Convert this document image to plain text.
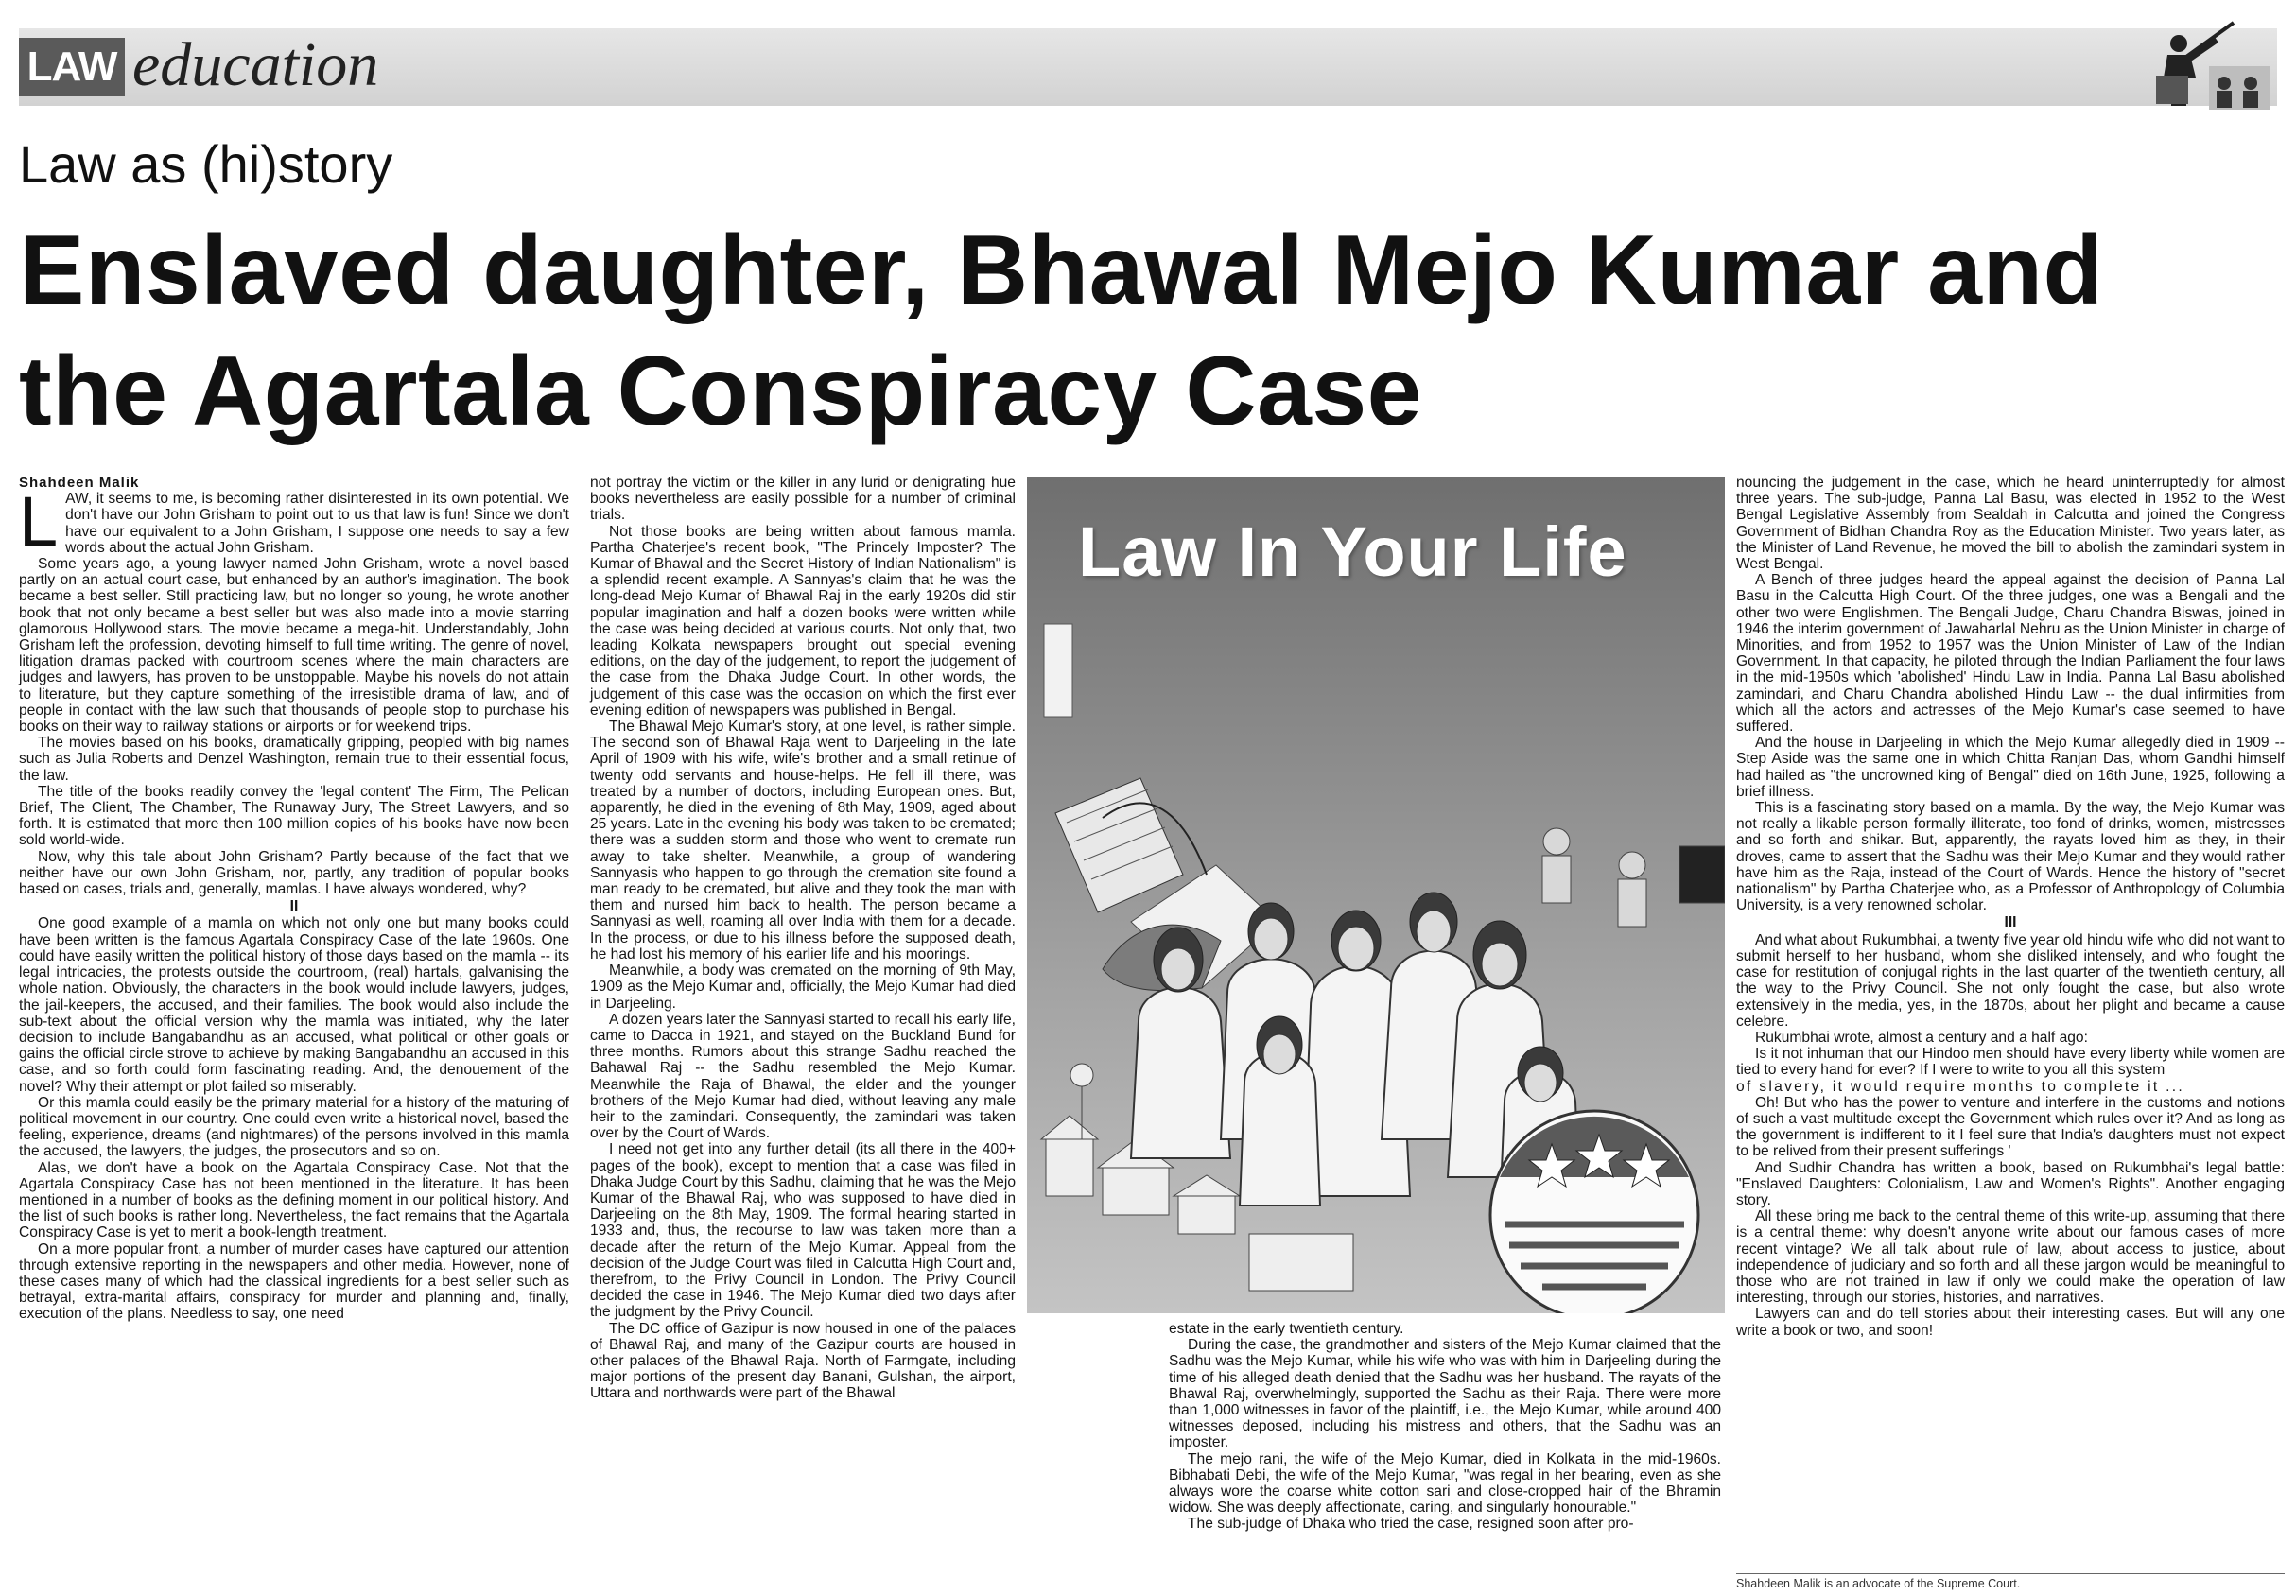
LAW education
Law as (hi)story
Enslaved daughter, Bhawal Mejo Kumar and the Agartala Conspiracy Case

Shahdeen Malik

LAW, it seems to me, is becoming rather disinterested in its own potential. We don't have our John Grisham to point out to us that law is fun! Since we don't have our equivalent to a John Grisham, I suppose one needs to say a few words about the actual John Grisham.

Some years ago, a young lawyer named John Grisham, wrote a novel based partly on an actual court case, but enhanced by an author's imagination. The book became a best seller. Still practicing law, but no longer so young, he wrote another book that not only became a best seller but was also made into a movie starring glamorous Hollywood stars. The movie became a mega-hit. Understandably, John Grisham left the profession, devoting himself to full time writing. The genre of novel, litigation dramas packed with courtroom scenes where the main characters are judges and lawyers, has proven to be unstoppable. Maybe his novels do not attain to literature, but they capture something of the irresistible drama of law, and of people in contact with the law such that thousands of people stop to purchase his books on their way to railway stations or airports or for weekend trips.

The movies based on his books, dramatically gripping, peopled with big names such as Julia Roberts and Denzel Washington, remain true to their essential focus, the law.

The title of the books readily convey the 'legal content' The Firm, The Pelican Brief, The Client, The Chamber, The Runaway Jury, The Street Lawyers, and so forth. It is estimated that more then 100 million copies of his books have now been sold world-wide.

Now, why this tale about John Grisham? Partly because of the fact that we neither have our own John Grisham, nor, partly, any tradition of popular books based on cases, trials and, generally, mamlas. I have always wondered, why?

II

One good example of a mamla on which not only one but many books could have been written is the famous Agartala Conspiracy Case of the late 1960s. One could have easily written the political history of those days based on the mamla -- its legal intricacies, the protests outside the courtroom, (real) hartals, galvanising the whole nation. Obviously, the characters in the book would include lawyers, judges, the jail-keepers, the accused, and their families. The book would also include the sub-text about the official version why the mamla was initiated, why the later decision to include Bangabandhu as an accused, what political or other goals or gains the official circle strove to achieve by making Bangabandhu an accused in this case, and so forth could form fascinating reading. And, the denouement of the novel? Why their attempt or plot failed so miserably.

Or this mamla could easily be the primary material for a history of the maturing of political movement in our country. One could even write a historical novel, based the feeling, experience, dreams (and nightmares) of the persons involved in this mamla the accused, the lawyers, the judges, the prosecutors and so on.

Alas, we don't have a book on the Agartala Conspiracy Case. Not that the Agartala Conspiracy Case has not been mentioned in the literature. It has been mentioned in a number of books as the defining moment in our political history. And the list of such books is rather long. Nevertheless, the fact remains that the Agartala Conspiracy Case is yet to merit a book-length treatment.

On a more popular front, a number of murder cases have captured our attention through extensive reporting in the newspapers and other media. However, none of these cases many of which had the classical ingredients for a best seller such as betrayal, extra-marital affairs, conspiracy for murder and planning and, finally, execution of the plans. Needless to say, one need

not portray the victim or the killer in any lurid or denigrating hue books nevertheless are easily possible for a number of criminal trials.

Not those books are being written about famous mamla. Partha Chaterjee's recent book, "The Princely Imposter? The Kumar of Bhawal and the Secret History of Indian Nationalism" is a splendid recent example. A Sannyas's claim that he was the long-dead Mejo Kumar of Bhawal Raj in the early 1920s did stir popular imagination and half a dozen books were written while the case was being decided at various courts. Not only that, two leading Kolkata newspapers brought out special evening editions, on the day of the judgement, to report the judgement of the case from the Dhaka Judge Court. In other words, the judgement of this case was the occasion on which the first ever evening edition of newspapers was published in Bengal.

The Bhawal Mejo Kumar's story, at one level, is rather simple. The second son of Bhawal Raja went to Darjeeling in the late April of 1909 with his wife, wife's brother and a small retinue of twenty odd servants and house-helps. He fell ill there, was treated by a number of doctors, including European ones. But, apparently, he died in the evening of 8th May, 1909, aged about 25 years. Late in the evening his body was taken to be cremated; there was a sudden storm and those who went to cremate run away to take shelter. Meanwhile, a group of wandering Sannyasis who happen to go through the cremation site found a man ready to be cremated, but alive and they took the man with them and nursed him back to health. The person became a Sannyasi as well, roaming all over India with them for a decade. In the process, or due to his illness before the supposed death, he had lost his memory of his earlier life and his moorings.

Meanwhile, a body was cremated on the morning of 9th May, 1909 as the Mejo Kumar and, officially, the Mejo Kumar had died in Darjeeling.

A dozen years later the Sannyasi started to recall his early life, came to Dacca in 1921, and stayed on the Buckland Bund for three months. Rumors about this strange Sadhu reached the Bahawal Raj -- the Sadhu resembled the Mejo Kumar. Meanwhile the Raja of Bhawal, the elder and the younger brothers of the Mejo Kumar had died, without leaving any male heir to the zamindari. Consequently, the zamindari was taken over by the Court of Wards.

I need not get into any further detail (its all there in the 400+ pages of the book), except to mention that a case was filed in Dhaka Judge Court by this Sadhu, claiming that he was the Mejo Kumar of the Bhawal Raj, who was supposed to have died in Darjeeling on the 8th May, 1909. The formal hearing started in 1933 and, thus, the recourse to law was taken more than a decade after the return of the Mejo Kumar. Appeal from the decision of the Judge Court was filed in Calcutta High Court and, therefrom, to the Privy Council in London. The Privy Council decided the case in 1946. The Mejo Kumar died two days after the judgment by the Privy Council.

The DC office of Gazipur is now housed in one of the palaces of Bhawal Raj, and many of the Gazipur courts are housed in other palaces of the Bhawal Raja. North of Farmgate, including major portions of the present day Banani, Gulshan, the airport, Uttara and northwards were part of the Bhawal

Law In Your Life

estate in the early twentieth century.

During the case, the grandmother and sisters of the Mejo Kumar claimed that the Sadhu was the Mejo Kumar, while his wife who was with him in Darjeeling during the time of his alleged death denied that the Sadhu was her husband. The rayats of the Bhawal Raj, overwhelmingly, supported the Sadhu as their Raja. There were more than 1,000 witnesses in favor of the plaintiff, i.e., the Mejo Kumar, while around 400 witnesses deposed, including his mistress and others, that the Sadhu was an imposter.

The mejo rani, the wife of the Mejo Kumar, died in Kolkata in the mid-1960s. Bibhabati Debi, the wife of the Mejo Kumar, "was regal in her bearing, even as she always wore the coarse white cotton sari and close-cropped hair of the Bhramin widow. She was deeply affectionate, caring, and singularly honourable."

The sub-judge of Dhaka who tried the case, resigned soon after pro-

nouncing the judgement in the case, which he heard uninterruptedly for almost three years. The sub-judge, Panna Lal Basu, was elected in 1952 to the West Bengal Legislative Assembly from Sealdah in Calcutta and joined the Congress Government of Bidhan Chandra Roy as the Education Minister. Two years later, as the Minister of Land Revenue, he moved the bill to abolish the zamindari system in West Bengal.

A Bench of three judges heard the appeal against the decision of Panna Lal Basu in the Calcutta High Court. Of the three judges, one was a Bengali and the other two were Englishmen. The Bengali Judge, Charu Chandra Biswas, joined in 1946 the interim government of Jawaharlal Nehru as the Union Minister in charge of Minorities, and from 1952 to 1957 was the Union Minister of Law of the Indian Government. In that capacity, he piloted through the Indian Parliament the four laws in the mid-1950s which 'abolished' Hindu Law in India. Panna Lal Basu abolished zamindari, and Charu Chandra abolished Hindu Law -- the dual infirmities from which all the actors and actresses of the Mejo Kumar's case seemed to have suffered.

And the house in Darjeeling in which the Mejo Kumar allegedly died in 1909 -- Step Aside was the same one in which Chitta Ranjan Das, whom Gandhi himself had hailed as "the uncrowned king of Bengal" died on 16th June, 1925, following a brief illness.

This is a fascinating story based on a mamla. By the way, the Mejo Kumar was not really a likable person formally illiterate, too fond of drinks, women, mistresses and so forth and shikar. But, apparently, the rayats loved him as they, in their droves, came to assert that the Sadhu was their Mejo Kumar and they would rather have him as the Raja, instead of the Court of Wards. Hence the history of "secret nationalism" by Partha Chaterjee who, as a Professor of Anthropology of Columbia University, is a very renowned scholar.

III

And what about Rukumbhai, a twenty five year old hindu wife who did not want to submit herself to her husband, whom she disliked intensely, and who fought the case for restitution of conjugal rights in the last quarter of the twentieth century, all the way to the Privy Council. She not only fought the case, but also wrote extensively in the media, yes, in the 1870s, about her plight and became a cause celebre.

Rukumbhai wrote, almost a century and a half ago:

Is it not inhuman that our Hindoo men should have every liberty while women are tied to every hand for ever? If I were to write to you all this system

of slavery, it would require months to complete it ...

Oh! But who has the power to venture and interfere in the customs and notions of such a vast multitude except the Government which rules over it? And as long as the government is indifferent to it I feel sure that India's daughters must not expect to be relived from their present sufferings '

And Sudhir Chandra has written a book, based on Rukumbhai's legal battle: "Enslaved Daughters: Colonialism, Law and Women's Rights". Another engaging story.

All these bring me back to the central theme of this write-up, assuming that there is a central theme: why doesn't anyone write about our famous cases of more recent vintage? We all talk about rule of law, about access to justice, about independence of judiciary and so forth and all these jargon would be meaningful to those who are not trained in law if only we could make the operation of law interesting, through our stories, histories, and narratives.

Lawyers can and do tell stories about their interesting cases. But will any one write a book or two, and soon!

Shahdeen Malik is an advocate of the Supreme Court.
